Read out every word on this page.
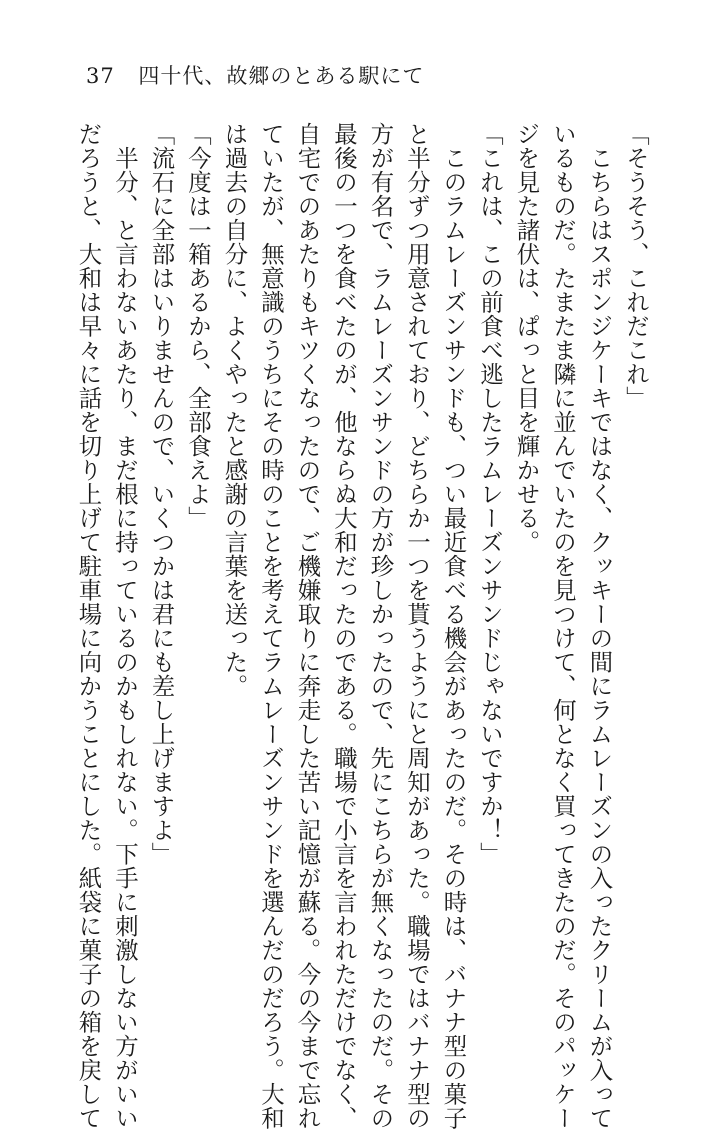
37 四十代、故郷のとある駅にて
「そうそう、これだこれ」
　こちらはスポンジケーキではなく、クッキーの間にラムレーズンの入ったクリームが入って
いるものだ。たまたま隣に並んでいたのを見つけて、何となく買ってきたのだ。そのパッケー
ジを見た諸伏は、ぱっと目を輝かせる。
「これは、この前食べ逃したラムレーズンサンドじゃないですか！」
　このラムレーズンサンドも、つい最近食べる機会があったのだ。その時は、バナナ型の菓子
と半分ずつ用意されており、どちらか一つを貰うようにと周知があった。職場ではバナナ型の
方が有名で、ラムレーズンサンドの方が珍しかったので、先にこちらが無くなったのだ。その
最後の一つを食べたのが、他ならぬ大和だったのである。職場で小言を言われただけでなく、
自宅でのあたりもキツくなったので、ご機嫌取りに奔走した苦い記憶が蘇る。今の今まで忘れ
ていたが、無意識のうちにその時のことを考えてラムレーズンサンドを選んだのだろう。大和
は過去の自分に、よくやったと感謝の言葉を送った。
「今度は一箱あるから、全部食えよ」
「流石に全部はいりませんので、いくつかは君にも差し上げますよ」
　半分、と言わないあたり、まだ根に持っているのかもしれない。下手に刺激しない方がいい
だろうと、大和は早々に話を切り上げて駐車場に向かうことにした。紙袋に菓子の箱を戻して
